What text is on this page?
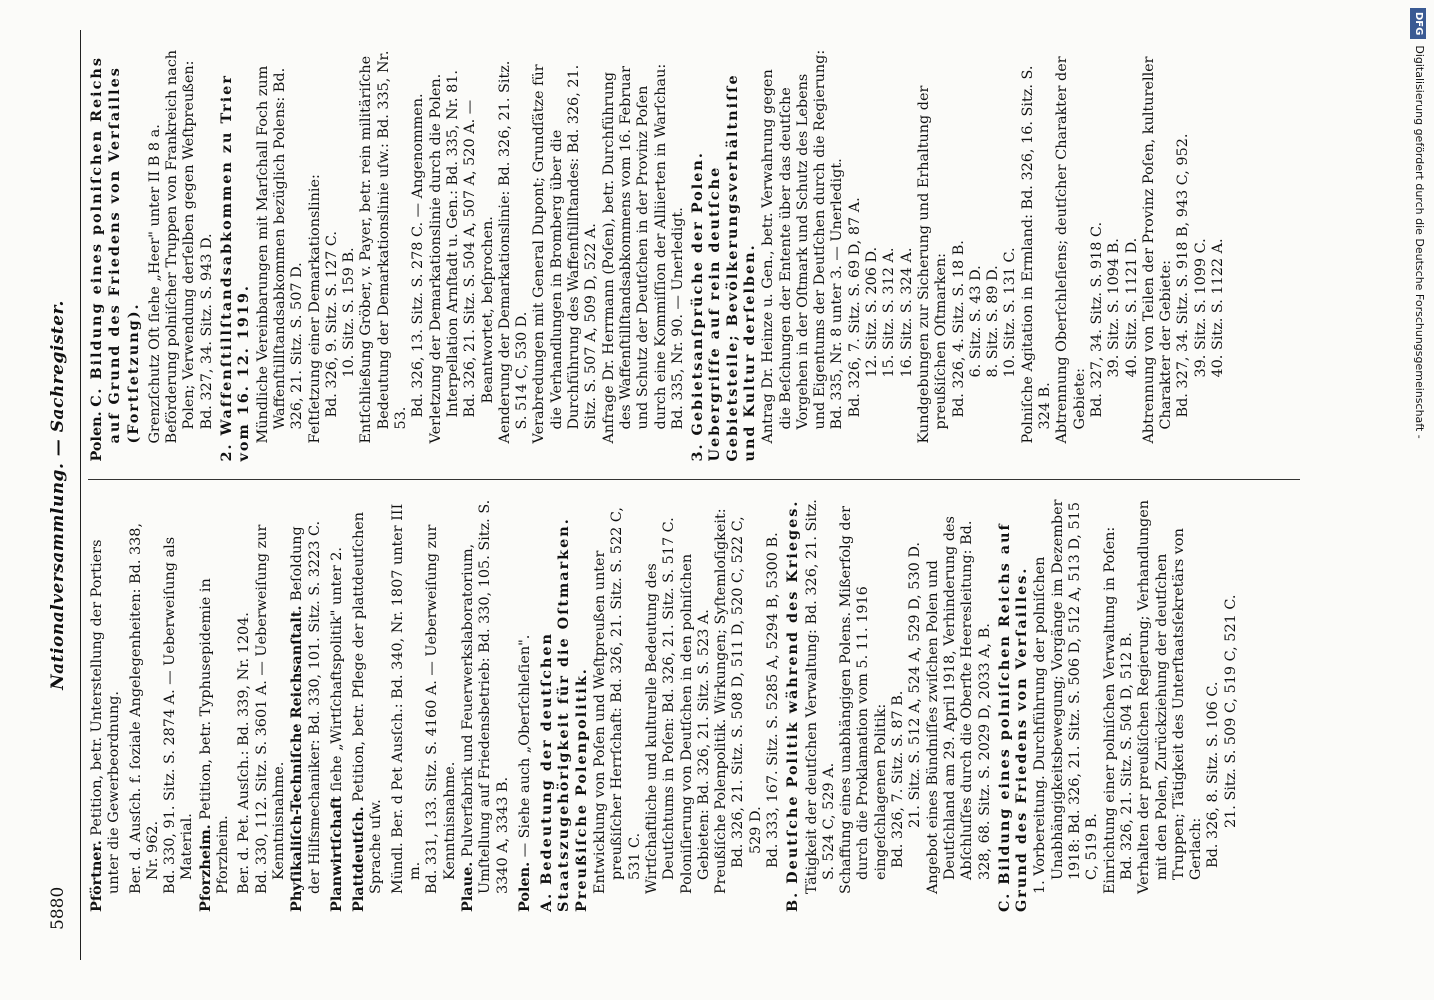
5880
Nationalversammlung. — Sachregister.

Pförtner. Petition, betr. Unterstellung der Portiers unter die Gewerbeordnung. Ber. d. Ausſch. f. ſoziale Angelegenheiten: Bd. 338, Nr. 962. Bd. 330, 91. Sitz. S. 2874 A. — Ueberweiſung als Material. Pforzheim. Petition, betr. Typhusepidemie in Pforzheim. Ber. d. Pet. Ausſch.: Bd. 339, Nr. 1204. Bd. 330, 112. Sitz. S. 3601 A. — Ueberweiſung zur Kenntnisnahme. Phyſikaliſch-Techniſche Reichsanſtalt. Beſoldung der Hilfsmechaniker: Bd. 330, 101. Sitz. S. 3223 C. Planwirtſchaft ſiehe „Wirtſchaftspolitik" unter 2.

Plattdeutſch. Petition, betr. Pflege der plattdeutſchen Sprache uſw. Mündl. Ber. d Pet Ausſch.: Bd. 340, Nr. 1807 unter III m. Bd. 331, 133. Sitz. S. 4160 A. — Ueberweiſung zur Kenntnisnahme.

Plaue. Pulverfabrik und Feuerwerkslaboratorium, Umſtellung auf Friedensbetrieb: Bd. 330, 105. Sitz. S. 3340 A, 3343 B. Polen. — Siehe auch „Oberſchleſien". A. Bedeutung der deutſchen Staatszugehörigkeit für die Oſtmarken. Preußiſche Polenpolitik. Entwicklung von Poſen und Weſtpreußen unter preußiſcher Herrſchaft: Bd. 326, 21. Sitz. S. 522 C, 531 C. Wirtſchaftliche und kulturelle Bedeutung des Deutſchtums in Poſen: Bd. 326, 21. Sitz. S. 517 C. Poloniſierung von Deutſchen in den polniſchen Gebieten: Bd. 326, 21. Sitz. S. 523 A. Preußiſche Polenpolitik. Wirkungen; Syſtemloſigkeit: Bd. 326, 21. Sitz. S. 508 D, 511 D, 520 C, 522 C, 529 D. Bd. 333, 167. Sitz. S. 5285 A, 5294 B, 5300 B. B. Deutſche Politik während des Krieges. Tätigkeit der deutſchen Verwaltung: Bd. 326, 21. Sitz. S. 524 C, 529 A. Schaffung eines unabhängigen Polens. Mißerfolg der durch die Proklamation vom 5. 11. 1916 eingeſchlagenen Politik: Bd. 326, 7. Sitz. S. 87 B. 21. Sitz. S. 512 A, 524 A, 529 D, 530 D. Angebot eines Bündniſſes zwiſchen Polen und Deutſchland am 29. April 1918, Verhinderung des Abſchluſſes durch die Oberſte Heeresleitung: Bd. 328, 68. Sitz. S. 2029 D, 2033 A, B. C. Bildung eines polniſchen Reichs auf Grund des Friedens von Verſailles. 1. Vorbereitung. Durchführung der polniſchen Unabhängigkeitsbewegung; Vorgänge im Dezember 1918: Bd. 326, 21. Sitz. S. 506 D, 512 A, 513 D, 515 C, 519 B. Einrichtung einer polniſchen Verwaltung in Poſen: Bd. 326, 21. Sitz. S. 504 D, 512 B. Verhalten der preußiſchen Regierung; Verhandlungen mit den Polen, Zurückziehung der deutſchen Truppen; Tätigkeit des Unterſtaatsſekretärs von Gerlach: Bd. 326, 8. Sitz. S. 106 C. 21. Sitz. S. 509 C, 519 C, 521 C.

Polen. C. Bildung eines polniſchen Reichs auf Grund des Friedens von Verſailles (Fortſetzung). Grenzſchutz Oſt ſiehe „Heer" unter II B 8 a. Beförderung polniſcher Truppen von Frankreich nach Polen; Verwendung derſelben gegen Weſtpreußen: Bd. 327, 34. Sitz. S. 943 D. 2. Waffenſtillſtandsabkommen zu Trier vom 16. 12. 1919. Mündliche Vereinbarungen mit Marſchall Foch zum Waffenſtillſtandsabkommen bezüglich Polens: Bd. 326, 21. Sitz. S. 507 D. Feſtſetzung einer Demarkationslinie: Bd. 326, 9. Sitz. S. 127 C. 10. Sitz. S. 159 B. Entſchließung Gröber, v. Payer, betr. rein militäriſche Bedeutung der Demarkationslinie uſw.: Bd. 335, Nr. 53.

Bd. 326, 13. Sitz. S. 278 C. — Angenommen. Verletzung der Demarkationslinie durch die Polen. Interpellation Arnſtadt u. Gen.: Bd. 335, Nr. 81. Bd. 326, 21. Sitz. S. 504 A, 507 A, 520 A. — Beantwortet, beſprochen. Aenderung der Demarkationslinie: Bd. 326, 21. Sitz. S. 514 C, 530 D. Verabredungen mit General Dupont; Grundſätze für die Verhandlungen in Bromberg über die Durchführung des Waffenſtillſtandes: Bd. 326, 21. Sitz. S. 507 A, 509 D, 522 A. Anfrage Dr. Herrmann (Poſen), betr. Durchführung des Waffenſtillſtandsabkommens vom 16. Februar und Schutz der Deutſchen in der Provinz Poſen durch eine Kommiſſion der Alliierten in Warſchau: Bd. 335, Nr. 90. — Unerledigt. 3. Gebietsanſprüche der Polen. Uebergriffe auf rein deutſche Gebietsteile; Bevölkerungsverhältniſſe und Kultur derſelben. Antrag Dr. Heinze u. Gen., betr. Verwahrung gegen die Beſchungen der Entente über das deutſche Vorgehen in der Oſtmark und Schutz des Lebens und Eigentums der Deutſchen durch die Regierung: Bd. 335, Nr. 8 unter 3. — Unerledigt. Bd. 326, 7. Sitz. S. 69 D, 87 A. 12. Sitz. S. 206 D. 15. Sitz. S. 312 A. 16. Sitz. S. 324 A. Kundgebungen zur Sicherung und Erhaltung der preußiſchen Oſtmarken: Bd. 326, 4. Sitz. S. 18 B. 6. Sitz. S. 43 D. 8. Sitz. S. 89 D. 10. Sitz. S. 131 C. Polniſche Agitation in Ermland: Bd. 326, 16. Sitz. S. 324 B. Abtrennung Oberſchleſiens; deutſcher Charakter der Gebiete: Bd. 327, 34. Sitz. S. 918 C. 39. Sitz. S. 1094 B. 40. Sitz. S. 1121 D. Abtrennung von Teilen der Provinz Poſen, kultureller Charakter der Gebiete: Bd. 327, 34. Sitz. S. 918 B, 943 C, 952. 39. Sitz. S. 1099 C. 40. Sitz. S. 1122 A.

DFGDigitalisierung gefördert durch die Deutsche Forschungsgemeinschaft -
